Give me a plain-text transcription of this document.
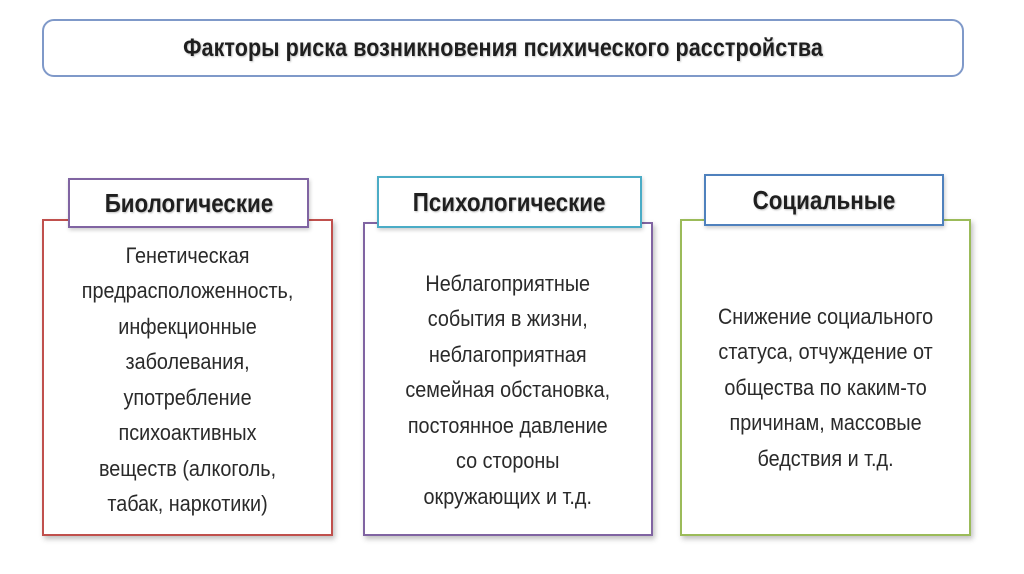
Факторы риска возникновения психического расстройства
Генетическая
предрасположенность,
инфекционные
заболевания,
употребление
психоактивных
веществ (алкоголь,
табак, наркотики)
Биологические
Неблагоприятные
события в жизни,
неблагоприятная
семейная обстановка,
постоянное давление
со стороны
окружающих и т.д.
Психологические
Снижение социального
статуса, отчуждение от
общества по каким-то
причинам, массовые
бедствия и т.д.
Социальные
